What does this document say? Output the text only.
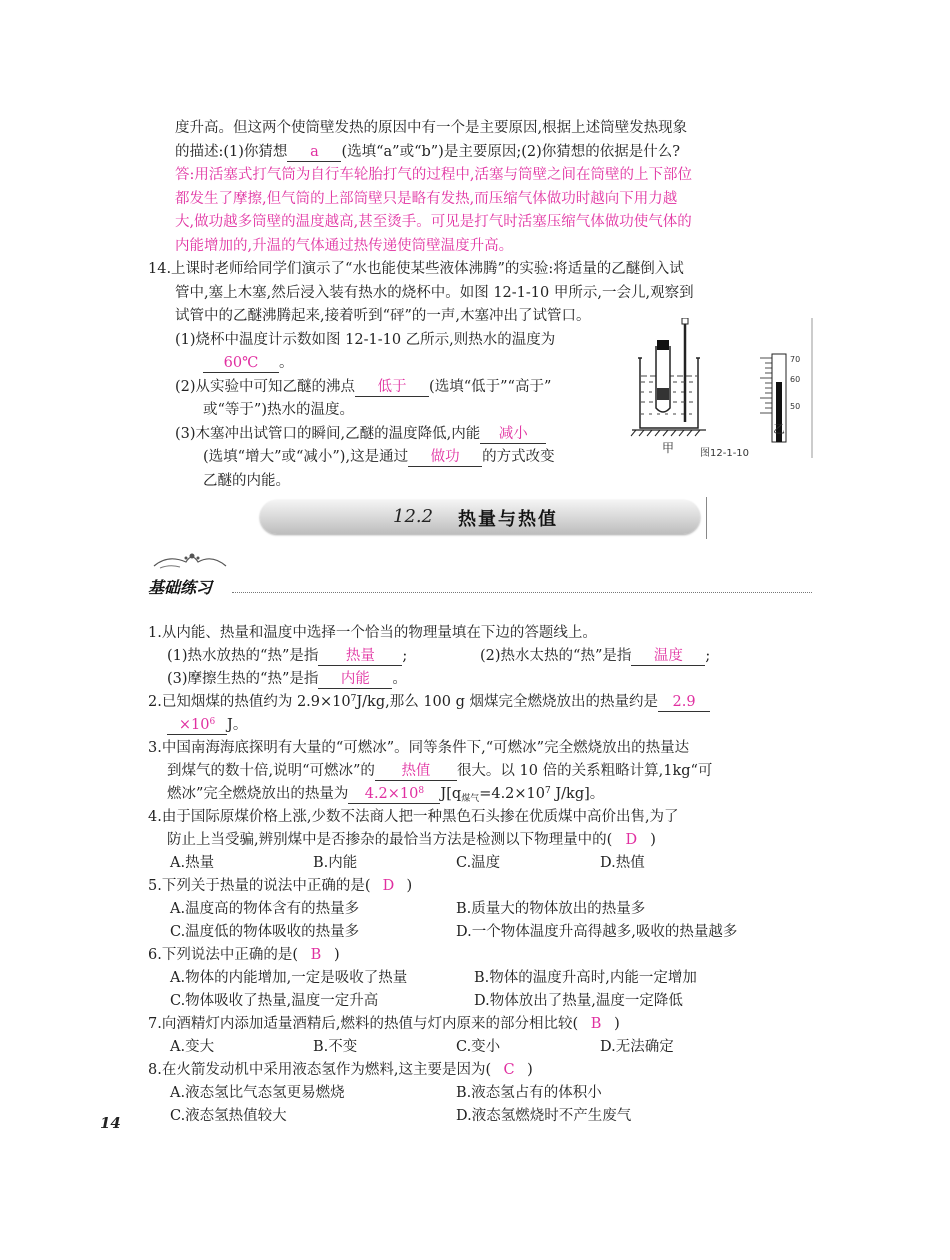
度升高。但这两个使筒壁发热的原因中有一个是主要原因,根据上述筒壁发热现象
的描述:(1)你猜想 a (选填“a”或“b”)是主要原因;(2)你猜想的依据是什么?
答:用活塞式打气筒为自行车轮胎打气的过程中,活塞与筒壁之间在筒壁的上下部位
都发生了摩擦,但气筒的上部筒壁只是略有发热,而压缩气体做功时越向下用力越
大,做功越多筒壁的温度越高,甚至烫手。可见是打气时活塞压缩气体做功使气体的
内能增加的,升温的气体通过热传递使筒壁温度升高。
14.上课时老师给同学们演示了“水也能使某些液体沸腾”的实验:将适量的乙醚倒入试
管中,塞上木塞,然后浸入装有热水的烧杯中。如图 12-1-10 甲所示,一会儿,观察到
试管中的乙醚沸腾起来,接着听到“砰”的一声,木塞冲出了试管口。
(1)烧杯中温度计示数如图 12-1-10 乙所示,则热水的温度为
60℃ 。
(2)从实验中可知乙醚的沸点 低于 (选填“低于”“高于”
或“等于”)热水的温度。
(3)木塞冲出试管口的瞬间,乙醚的温度降低,内能 减小
(选填“增大”或“减小”),这是通过 做功 的方式改变
乙醚的内能。
甲
70
60
50
乙
图12-1-10
12.2 热量与热值
基础练习
1.从内能、热量和温度中选择一个恰当的物理量填在下边的答题线上。
(1)热水放热的“热”是指 热量 ;	(2)热水太热的“热”是指 温度 ;
(3)摩擦生热的“热”是指 内能 。
2.已知烟煤的热值约为 $2.9\times 10^7J/kg$,那么 100 g 烟煤完全燃烧放出的热量约是 2.9
$\times 10^6$ J。
3.中国南海海底探明有大量的“可燃冰”。同等条件下,“可燃冰”完全燃烧放出的热量达
到煤气的数十倍,说明“可燃冰”的 热值 很大。以 10 倍的关系粗略计算,1kg“可
燃冰”完全燃烧放出的热量为 $4.2\times 10^8$ $J[q_{煤气}=4.2\times 10^7$ J/kg]。
4.由于国际原煤价格上涨,少数不法商人把一种黑色石头掺在优质煤中高价出售,为了
防止上当受骗,辨别煤中是否掺杂的最恰当方法是检测以下物理量中的( D )
A.热量	B.内能	C.温度	D.热值
5.下列关于热量的说法中正确的是( D )
A.温度高的物体含有的热量多	B.质量大的物体放出的热量多
C.温度低的物体吸收的热量多	D.一个物体温度升高得越多,吸收的热量越多
6.下列说法中正确的是( B )
A.物体的内能增加,一定是吸收了热量	B.物体的温度升高时,内能一定增加
C.物体吸收了热量,温度一定升高	D.物体放出了热量,温度一定降低
7.向酒精灯内添加适量酒精后,燃料的热值与灯内原来的部分相比较( B )
A.变大	B.不变	C.变小	D.无法确定
8.在火箭发动机中采用液态氢作为燃料,这主要是因为( C )
A.液态氢比气态氢更易燃烧	B.液态氢占有的体积小
C.液态氢热值较大	D.液态氢燃烧时不产生废气
14
